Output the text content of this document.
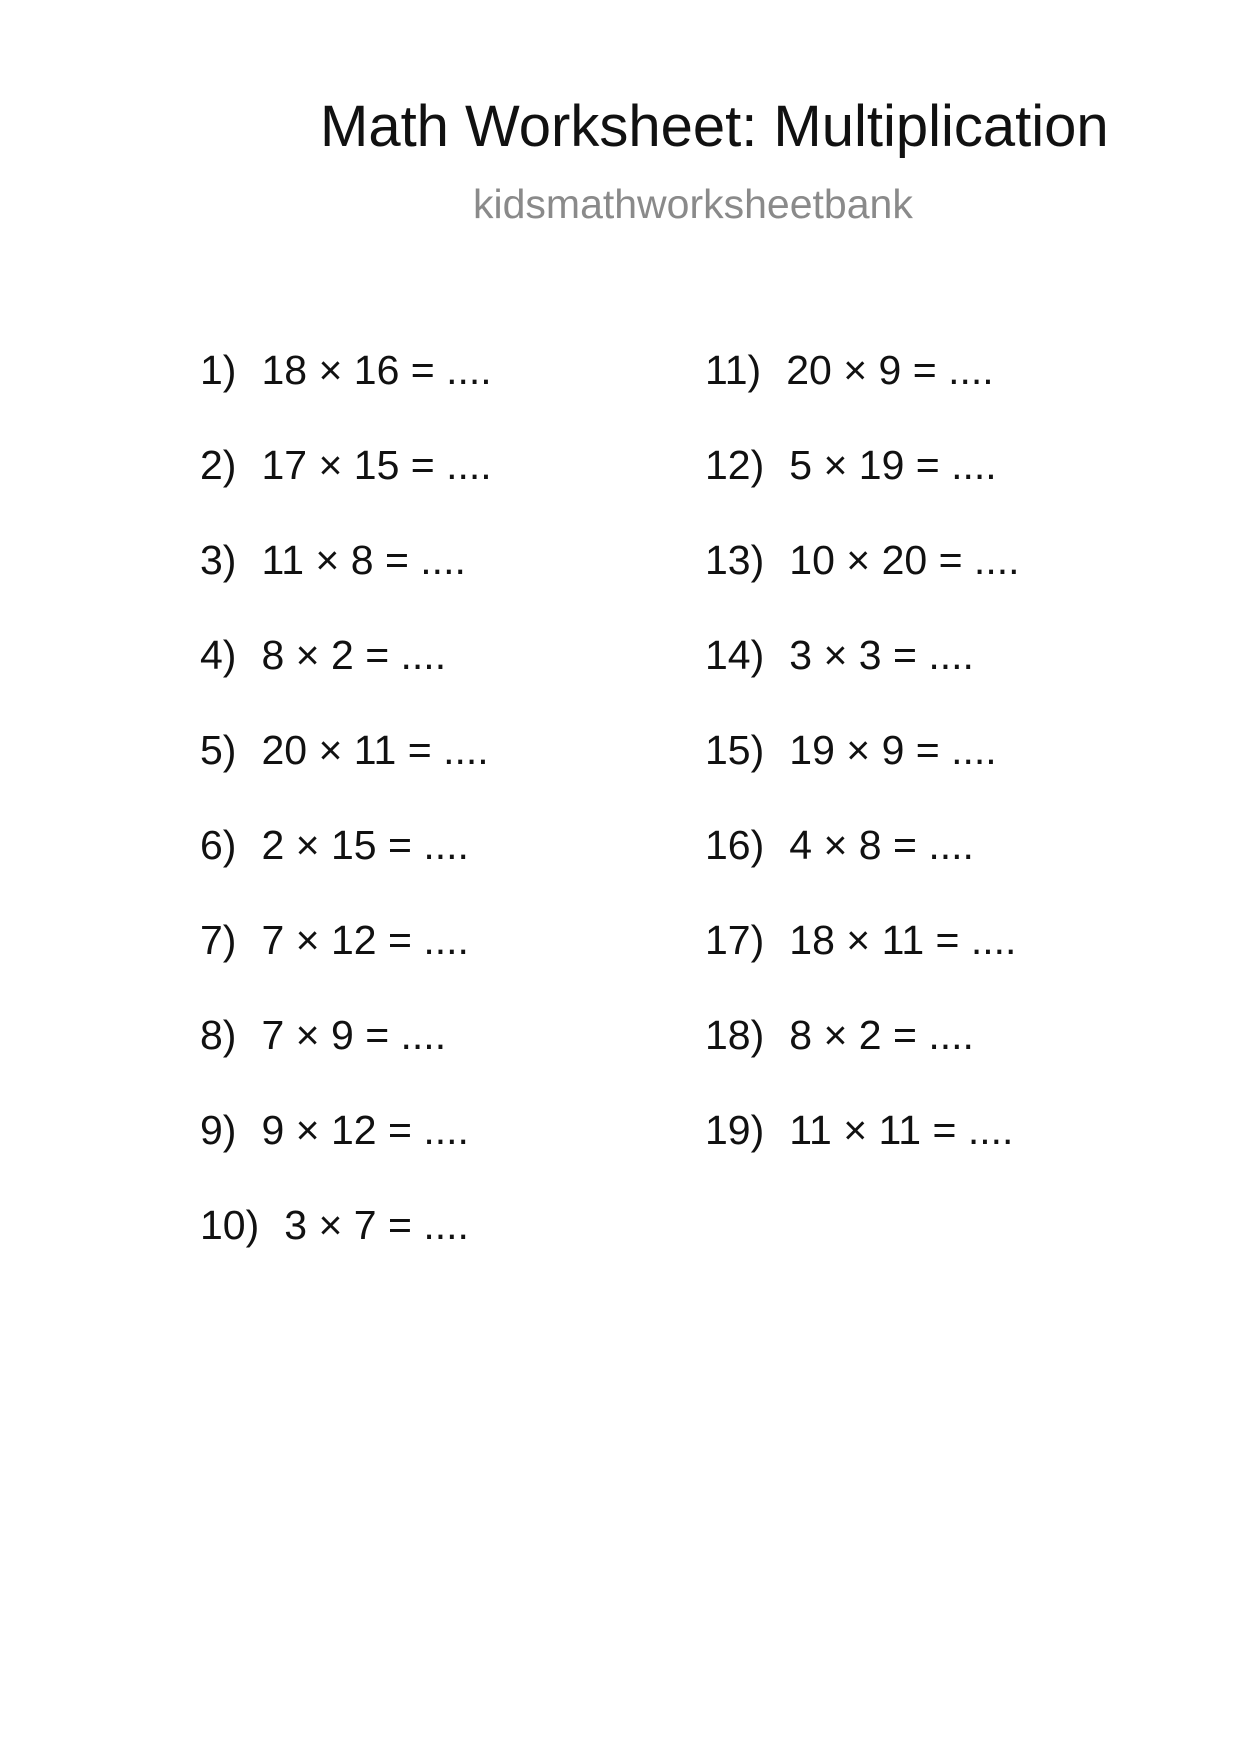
Math Worksheet: Multiplication
kidsmathworksheetbank
1) 18 × 16 = ....
2) 17 × 15 = ....
3) 11 × 8 = ....
4) 8 × 2 = ....
5) 20 × 11 = ....
6) 2 × 15 = ....
7) 7 × 12 = ....
8) 7 × 9 = ....
9) 9 × 12 = ....
10) 3 × 7 = ....
11) 20 × 9 = ....
12) 5 × 19 = ....
13) 10 × 20 = ....
14) 3 × 3 = ....
15) 19 × 9 = ....
16) 4 × 8 = ....
17) 18 × 11 = ....
18) 8 × 2 = ....
19) 11 × 11 = ....
